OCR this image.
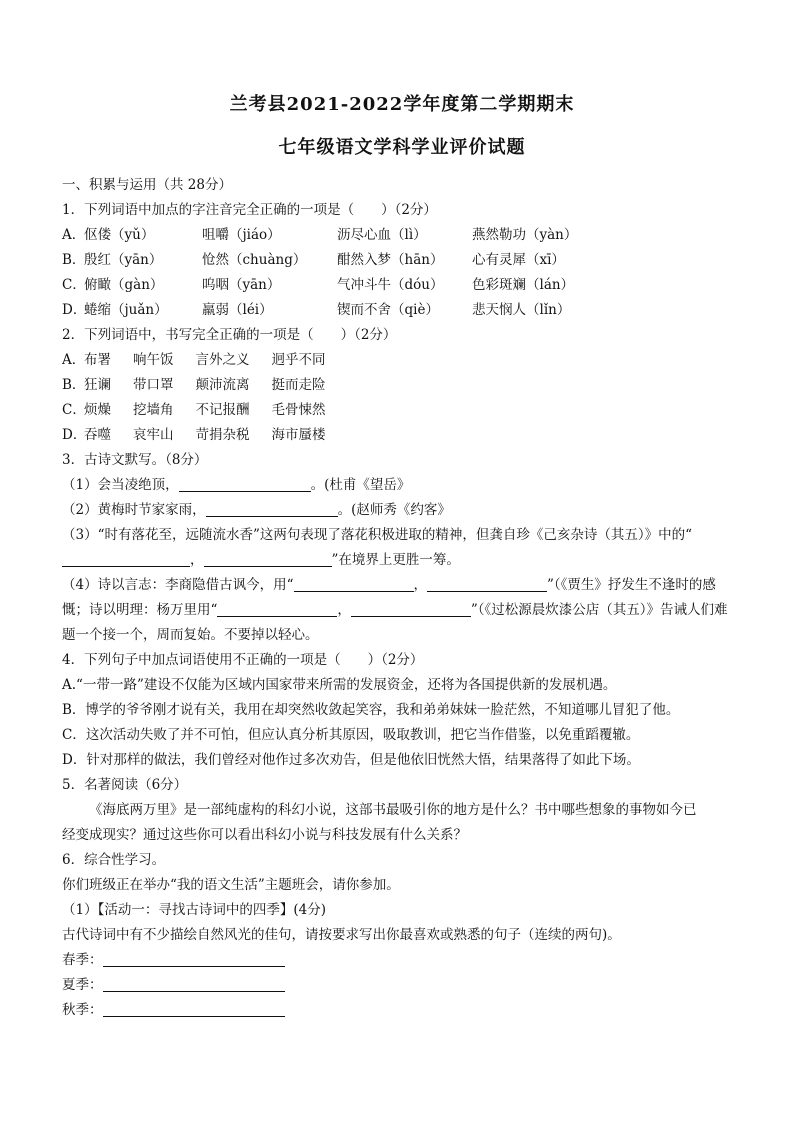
兰考县2021-2022学年度第二学期期末
七年级语文学科学业评价试题
一、积累与运用（共 28分）
1．下列词语中加点的字注音完全正确的一项是（　　）（2分）
A．
伛偻（yǔ）	咀嚼（jiáo）	沥尽心血（lì）	燕然勒功（yàn）
B．
殷红（yān）	怆然（chuàng）	酣然入梦（hān）	心有灵犀（xī）
C．
俯瞰（gàn）	呜咽（yān）	气冲斗牛（dóu）	色彩斑斓（lán）
D．
蜷缩（juǎn）	羸弱（léi）	锲而不舍（qiè）	悲天悯人（lǐn）
2．下列词语中，书写完全正确的一项是（　　）（2分）
A．
布署 响午饭 言外之义 迥乎不同
B．
狂谰 带口罩 颠沛流离 挺而走险
C．
烦燥 挖墙角 不记报酬 毛骨悚然
D．
吞噬 哀牢山 苛捐杂税 海市蜃楼
3．古诗文默写。（8分）
（1）会当凌绝顶，	。(杜甫《望岳》
（2）黄梅时节家家雨，	。(赵师秀《约客》
（3）“时有落花至，远随流水香”这两句表现了落花积极进取的精神，但龚自珍《己亥杂诗（其五）》中的“
，	”在境界上更胜一筹。
（4）诗以言志：李商隐借古讽今，用“	，	”（《贾生》抒发生不逢时的感
慨；诗以明理：杨万里用“	，	”（《过松源晨炊漆公店（其五）》告诫人们难
题一个接一个，周而复始。不要掉以轻心。
4．下列句子中加点词语使用不正确的一项是（　　）（2分）
A.“一带一路”建设不仅能为区域内国家带来所需的发展资金，还将为各国提供新的发展机遇。
B．博学的爷爷刚才说有关，我用在却突然收敛起笑容，我和弟弟妹妹一脸茫然，不知道哪儿冒犯了他。
C．这次活动失败了并不可怕，但应认真分析其原因，吸取教训，把它当作借鉴，以免重蹈覆辙。
D．针对那样的做法，我们曾经对他作过多次劝告，但是他依旧恍然大悟，结果落得了如此下场。
5．名著阅读（6分）
《海底两万里》是一部纯虚构的科幻小说，这部书最吸引你的地方是什么？书中哪些想象的事物如今已
经变成现实？通过这些你可以看出科幻小说与科技发展有什么关系？
6．综合性学习。
你们班级正在举办“我的语文生活”主题班会，请你参加。
（1）【活动一：寻找古诗词中的四季】(4分)
古代诗词中有不少描绘自然风光的佳句，请按要求写出你最喜欢或熟悉的句子（连续的两句)。
春季：
夏季：
秋季：
